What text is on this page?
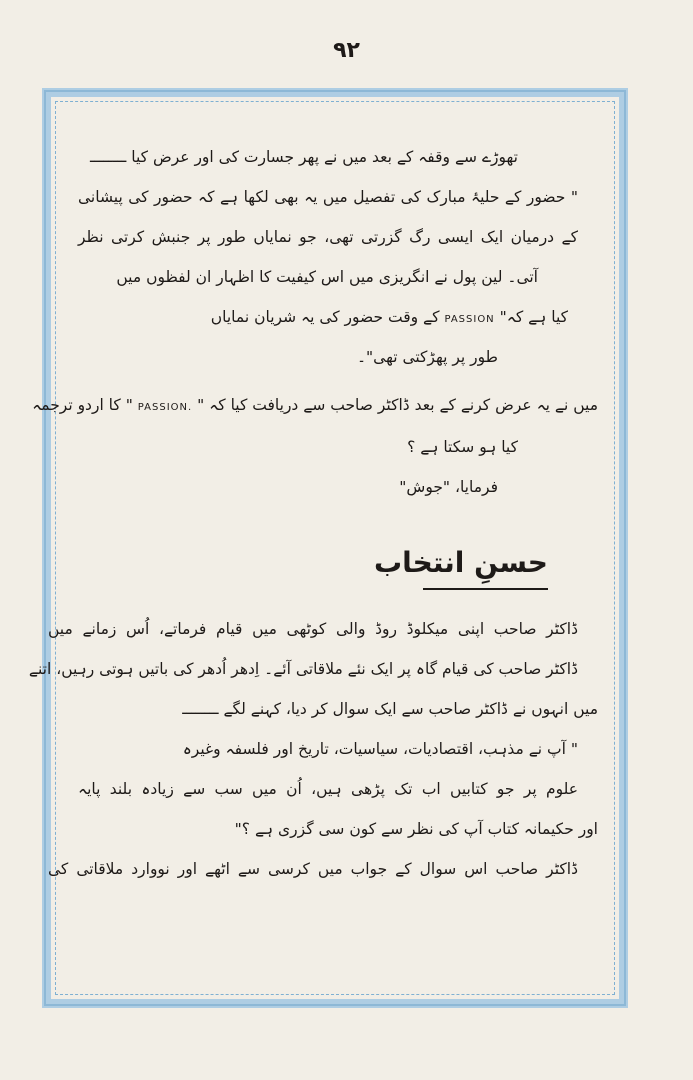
۹۲
تھوڑے سے وقفہ کے بعد میں نے پھر جسارت کی اور عرض کیا ــــــــ
" حضور کے حلیۂ مبارک کی تفصیل میں یہ بھی لکھا ہے کہ حضور کی پیشانی
کے درمیان ایک ایسی رگ گزرتی تھی، جو نمایاں طور پر جنبش کرتی نظر
آتی۔ لین پول نے انگریزی میں اس کیفیت کا اظہار ان لفظوں میں
کیا ہے کہ" PASSION کے وقت حضور کی یہ شریان نمایاں
طور پر پھڑکتی تھی"۔
میں نے یہ عرض کرنے کے بعد ڈاکٹر صاحب سے دریافت کیا کہ " PASSION. " کا اردو ترجمہ
کیا ہو سکتا ہے ؟
فرمایا، "جوش"
حسنِ انتخاب
ڈاکٹر صاحب اپنی میکلوڈ روڈ والی کوٹھی میں قیام فرماتے، اُس زمانے میں
ڈاکٹر صاحب کی قیام گاہ پر ایک نئے ملاقاتی آئے۔ اِدھر اُدھر کی باتیں ہوتی رہیں، اتنے
میں انہوں نے ڈاکٹر صاحب سے ایک سوال کر دیا، کہنے لگے ــــــــ
" آپ نے مذہب، اقتصادیات، سیاسیات، تاریخ اور فلسفہ وغیرہ
علوم پر جو کتابیں اب تک پڑھی ہیں، اُن میں سب سے زیادہ بلند پایہ
اور حکیمانہ کتاب آپ کی نظر سے کون سی گزری ہے ؟"
ڈاکٹر صاحب اس سوال کے جواب میں کرسی سے اٹھے اور نووارد ملاقاتی کی
